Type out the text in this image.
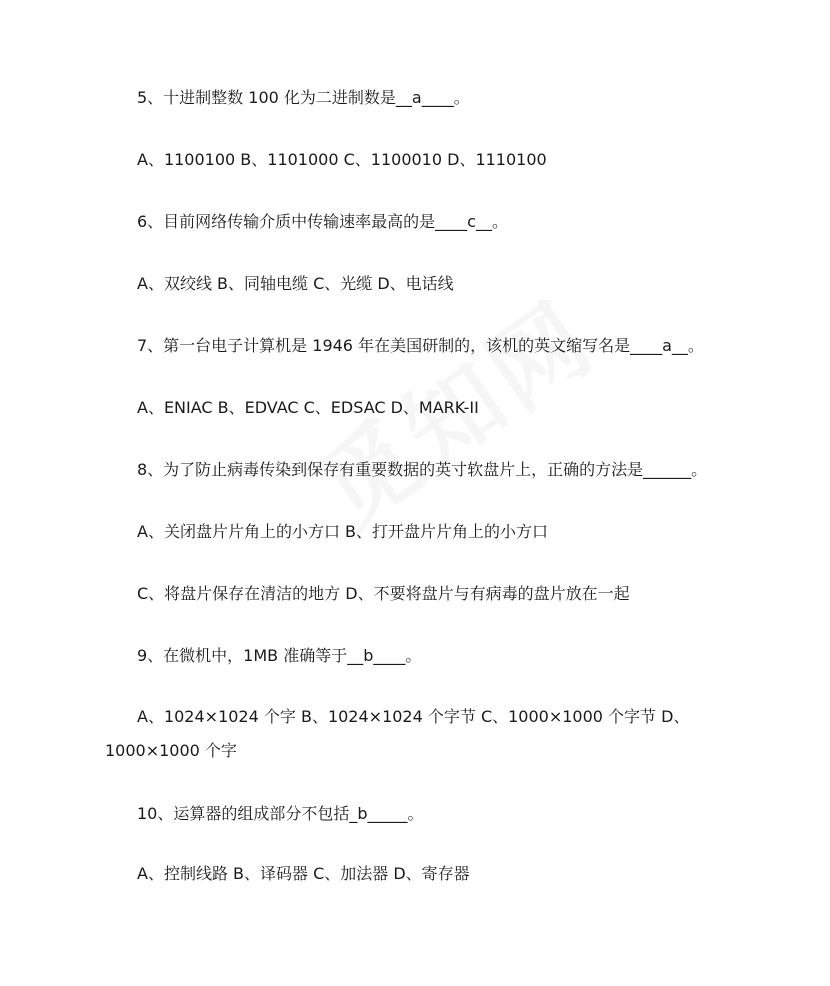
5、十进制整数 100 化为二进制数是__a____。
A、1100100 B、1101000 C、1100010 D、1110100
6、目前网络传输介质中传输速率最高的是____c__。
A、双绞线 B、同轴电缆 C、光缆 D、电话线
7、第一台电子计算机是 1946 年在美国研制的，该机的英文缩写名是____a__。
A、ENIAC B、EDVAC C、EDSAC D、MARK-II
8、为了防止病毒传染到保存有重要数据的英寸软盘片上，正确的方法是______。
A、关闭盘片片角上的小方口 B、打开盘片片角上的小方口
C、将盘片保存在清洁的地方 D、不要将盘片与有病毒的盘片放在一起
9、在微机中，1MB 准确等于__b____。
A、1024×1024 个字 B、1024×1024 个字节 C、1000×1000 个字节 D、1000×1000 个字
10、运算器的组成部分不包括_b_____。
A、控制线路 B、译码器 C、加法器 D、寄存器
